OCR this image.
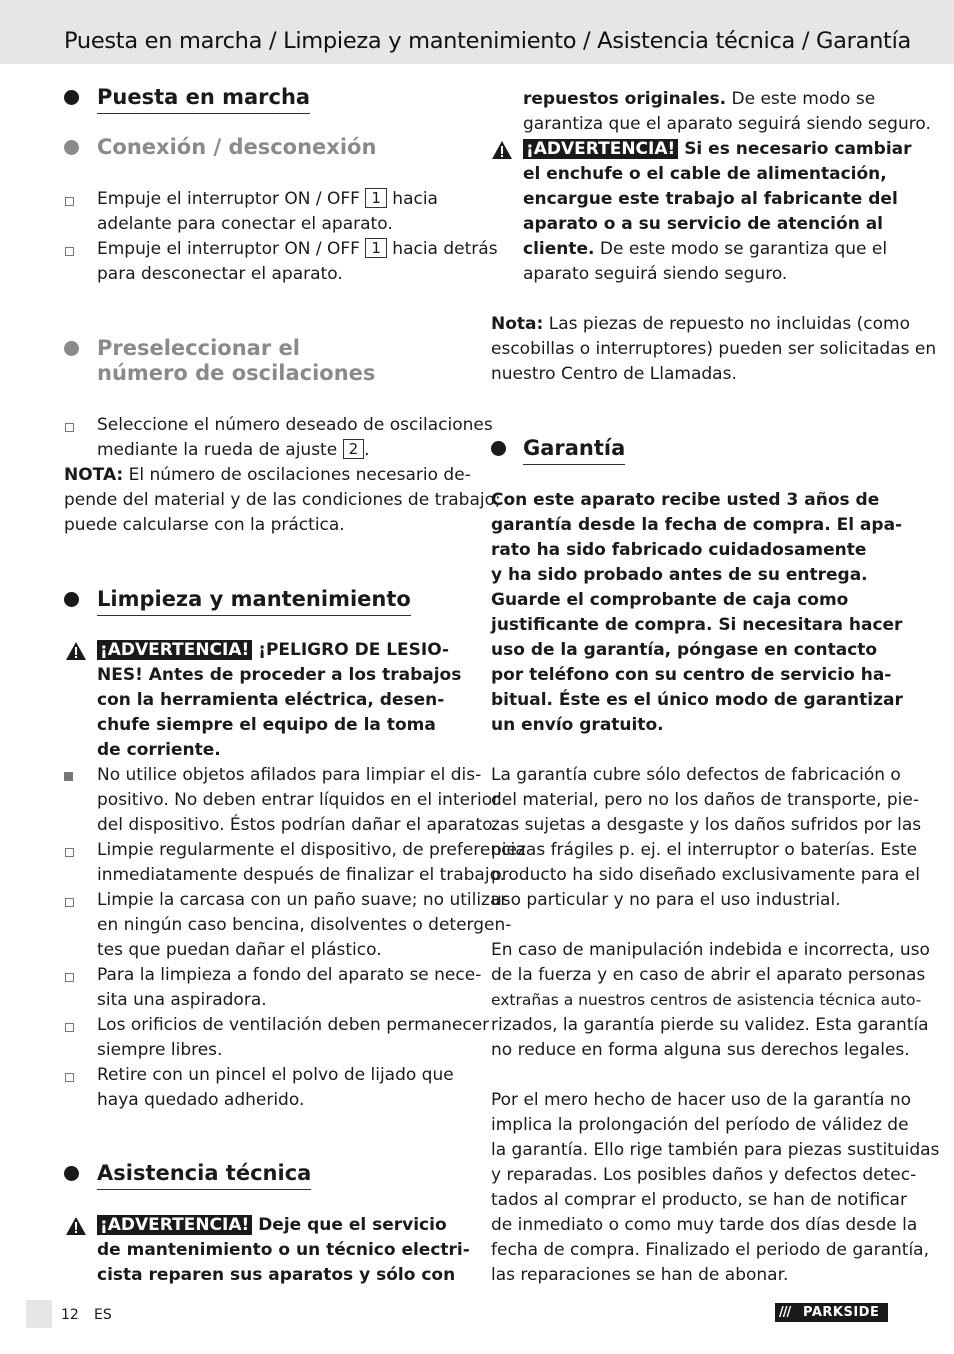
Puesta en marcha / Limpieza y mantenimiento / Asistencia técnica / Garantía
Puesta en marcha
Conexión / desconexión
Empuje el interruptor ON / OFF 1 hacia
adelante para conectar el aparato.
Empuje el interruptor ON / OFF 1 hacia detrás
para desconectar el aparato.
Preseleccionar el
número de oscilaciones
Seleccione el número deseado de oscilaciones
mediante la rueda de ajuste 2 .
NOTA: El número de oscilaciones necesario de-
pende del material y de las condiciones de trabajo;
puede calcularse con la práctica.
Limpieza y mantenimiento
¡ADVERTENCIA! ¡PELIGRO DE LESIO-
NES! Antes de proceder a los trabajos
con la herramienta eléctrica, desen-
chufe siempre el equipo de la toma
de corriente.
No utilice objetos afilados para limpiar el dis-
positivo. No deben entrar líquidos en el interior
del dispositivo. Éstos podrían dañar el aparato.
Limpie regularmente el dispositivo, de preferencia
inmediatamente después de finalizar el trabajo.
Limpie la carcasa con un paño suave; no utilizar
en ningún caso bencina, disolventes o detergen-
tes que puedan dañar el plástico.
Para la limpieza a fondo del aparato se nece-
sita una aspiradora.
Los orificios de ventilación deben permanecer
siempre libres.
Retire con un pincel el polvo de lijado que
haya quedado adherido.
Asistencia técnica
¡ADVERTENCIA! Deje que el servicio
de mantenimiento o un técnico electri-
cista reparen sus aparatos y sólo con
repuestos originales. De este modo se
garantiza que el aparato seguirá siendo seguro.
¡ADVERTENCIA! Si es necesario cambiar
el enchufe o el cable de alimentación,
encargue este trabajo al fabricante del
aparato o a su servicio de atención al
cliente. De este modo se garantiza que el
aparato seguirá siendo seguro.
Nota: Las piezas de repuesto no incluidas (como
escobillas o interruptores) pueden ser solicitadas en
nuestro Centro de Llamadas.
Garantía
Con este aparato recibe usted 3 años de
garantía desde la fecha de compra. El apa-
rato ha sido fabricado cuidadosamente
y ha sido probado antes de su entrega.
Guarde el comprobante de caja como
justificante de compra. Si necesitara hacer
uso de la garantía, póngase en contacto
por teléfono con su centro de servicio ha-
bitual. Éste es el único modo de garantizar
un envío gratuito.
La garantía cubre sólo defectos de fabricación o
del material, pero no los daños de transporte, pie-
zas sujetas a desgaste y los daños sufridos por las
piezas frágiles p. ej. el interruptor o baterías. Este
producto ha sido diseñado exclusivamente para el
uso particular y no para el uso industrial.
En caso de manipulación indebida e incorrecta, uso
de la fuerza y en caso de abrir el aparato personas
extrañas a nuestros centros de asistencia técnica auto-
rizados, la garantía pierde su validez. Esta garantía
no reduce en forma alguna sus derechos legales.
Por el mero hecho de hacer uso de la garantía no
implica la prolongación del período de válidez de
la garantía. Ello rige también para piezas sustituidas
y reparadas. Los posibles daños y defectos detec-
tados al comprar el producto, se han de notificar
de inmediato o como muy tarde dos días desde la
fecha de compra. Finalizado el periodo de garantía,
las reparaciones se han de abonar.
12 ES	/// PARKSIDE
